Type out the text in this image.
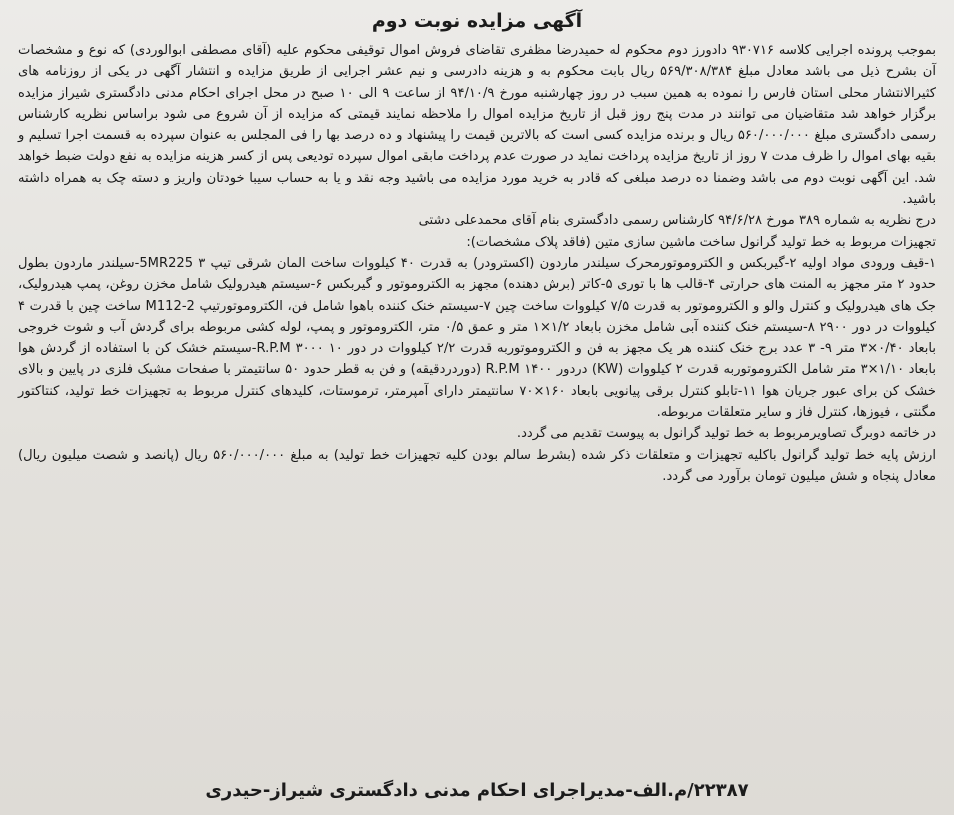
آگهی مزایده نوبت دوم

بموجب پرونده اجرایی کلاسه ۹۳۰۷۱۶ دادورز دوم محکوم له حمیدرضا مظفری تقاضای فروش اموال توقیفی محکوم علیه (آقای مصطفی ابوالوردی) که نوع و مشخصات آن بشرح ذیل می باشد معادل مبلغ ۵۶۹/۳۰۸/۳۸۴ ریال بابت محکوم به و هزینه دادرسی و نیم عشر اجرایی از طریق مزایده و انتشار آگهی در یکی از روزنامه های کثیرالانتشار محلی استان فارس را نموده به همین سبب در روز چهارشنبه مورخ ۹۴/۱۰/۹ از ساعت ۹ الی ۱۰ صبح در محل اجرای احکام مدنی دادگستری شیراز مزایده برگزار خواهد شد متقاضیان می توانند در مدت پنج روز قبل از تاریخ مزایده اموال را ملاحظه نمایند قیمتی که مزایده از آن شروع می شود براساس نظریه کارشناس رسمی دادگستری مبلغ ۵۶۰/۰۰۰/۰۰۰ ریال و برنده مزایده کسی است که بالاترین قیمت را پیشنهاد و ده درصد بها را فی المجلس به عنوان سپرده به قسمت اجرا تسلیم و بقیه بهای اموال را ظرف مدت ۷ روز از تاریخ مزایده پرداخت نماید در صورت عدم پرداخت مابقی اموال سپرده تودیعی پس از کسر هزینه مزایده به نفع دولت ضبط خواهد شد. این آگهی نوبت دوم می باشد وضمنا ده درصد مبلغی که قادر به خرید مورد مزایده می باشید وجه نقد و یا به حساب سیبا خودتان واریز و دسته چک به همراه داشته باشید.

درج نظریه به شماره ۳۸۹ مورخ ۹۴/۶/۲۸ کارشناس رسمی دادگستری بنام آقای محمدعلی دشتی

تجهیزات مربوط به خط تولید گرانول ساخت ماشین سازی متین (فاقد پلاک مشخصات):

۱-قیف ورودی مواد اولیه ۲-گیربکس و الکتروموتورمحرک سیلندر ماردون (اکسترودر) به قدرت ۴۰ کیلووات ساخت المان شرقی تیپ 5MR225 ۳-سیلندر ماردون بطول حدود ۲ متر مجهز به المنت های حرارتی ۴-قالب ها با توری ۵-کاتر (برش دهنده) مجهز به الکتروموتور و گیربکس ۶-سیستم هیدرولیک شامل مخزن روغن، پمپ هیدرولیک، جک های هیدرولیک و کنترل والو و الکتروموتور به قدرت ۷/۵ کیلووات ساخت چین ۷-سیستم خنک کننده باهوا شامل فن، الکتروموتورتیپ M112-2 ساخت چین با قدرت ۴ کیلووات در دور ۲۹۰۰ ۸-سیستم خنک کننده آبی شامل مخزن بابعاد ۱/۲×۱ متر و عمق ۰/۵ متر، الکتروموتور و پمپ، لوله کشی مربوطه برای گردش آب و شوت خروجی بابعاد ۰/۴۰×۳ متر ۹- ۳ عدد برج خنک کننده هر یک مجهز به فن و الکتروموتوربه قدرت ۲/۲ کیلووات در دور R.P.M ۳۰۰۰ ۱۰-سیستم خشک کن با استفاده از گردش هوا بابعاد ۱/۱۰×۳ متر شامل الکتروموتوربه قدرت ۲ کیلووات (KW) دردور R.P.M ۱۴۰۰ (دوردردقیقه) و فن به قطر حدود ۵۰ سانتیمتر با صفحات مشبک فلزی در پایین و بالای خشک کن برای عبور جریان هوا ۱۱-تابلو کنترل برقی پیانویی بابعاد ۱۶۰×۷۰ سانتیمتر دارای آمپرمتر، ترموستات، کلیدهای کنترل مربوط به تجهیزات خط تولید، کنتاکتور مگنتی ، فیوزها، کنترل فاز و سایر متعلقات مربوطه.

در خاتمه دوبرگ تصاویرمربوط به خط تولید گرانول به پیوست تقدیم می گردد.

ارزش پایه خط تولید گرانول باکلیه تجهیزات و متعلقات ذکر شده (بشرط سالم بودن کلیه تجهیزات خط تولید) به مبلغ ۵۶۰/۰۰۰/۰۰۰ ریال (پانصد و شصت میلیون ریال) معادل پنجاه و شش میلیون تومان برآورد می گردد.

۲۲۳۸۷/م.الف-مدیراجرای احکام مدنی دادگستری شیراز-حیدری
